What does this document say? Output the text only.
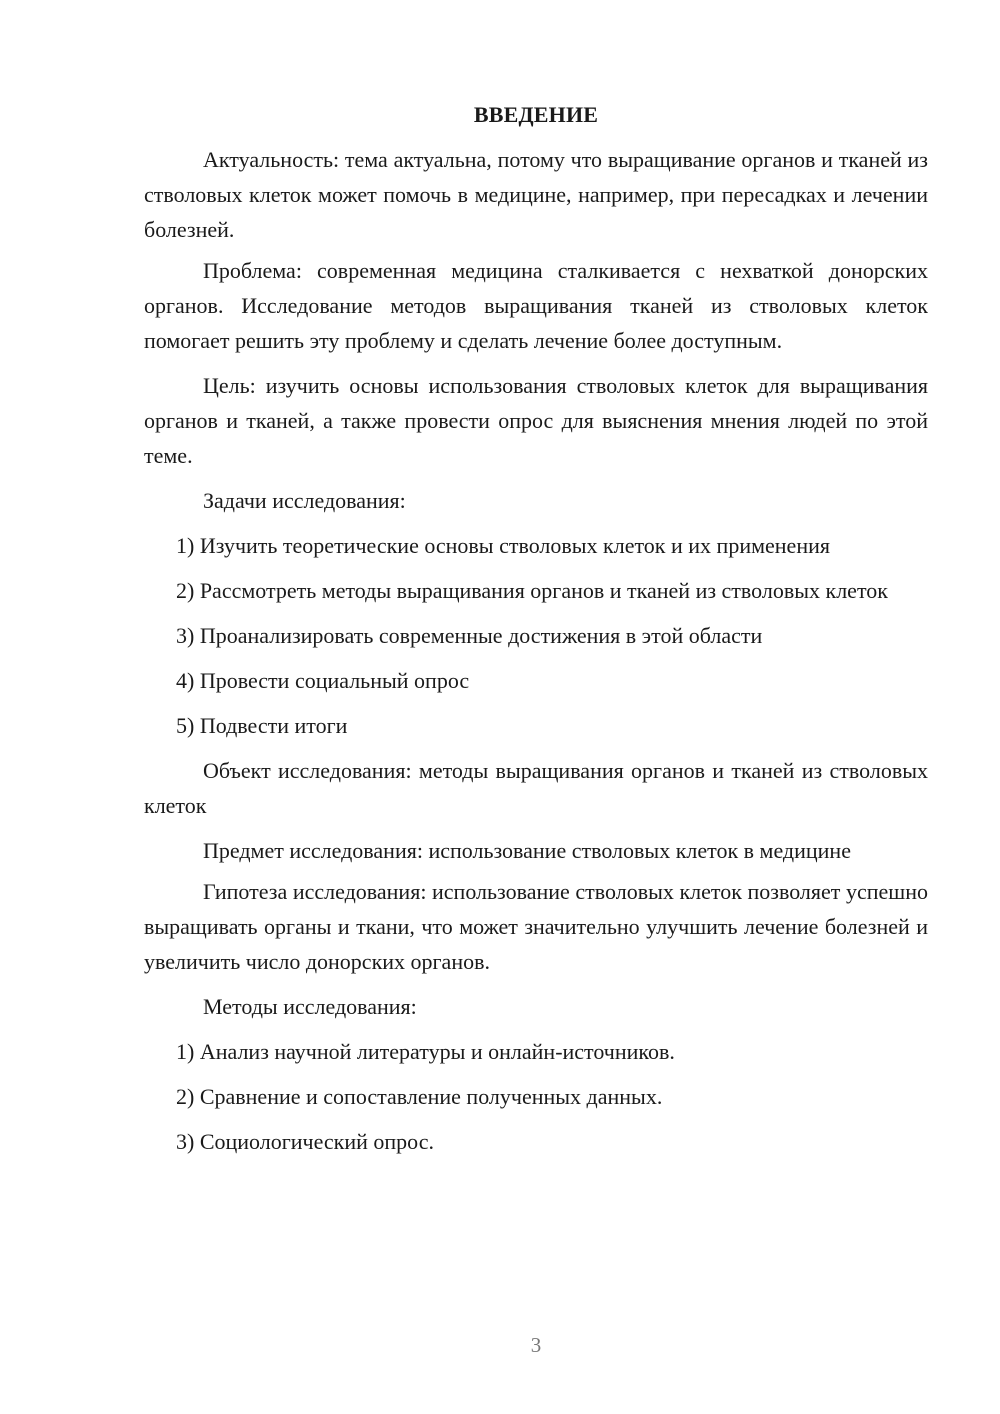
ВВЕДЕНИЕ

Актуальность: тема актуальна, потому что выращивание органов и тканей из стволовых клеток может помочь в медицине, например, при пересадках и лечении болезней.

Проблема: современная медицина сталкивается с нехваткой донорских органов. Исследование методов выращивания тканей из стволовых клеток помогает решить эту проблему и сделать лечение более доступным.

Цель: изучить основы использования стволовых клеток для выращивания органов и тканей, а также провести опрос для выяснения мнения людей по этой теме.

Задачи исследования:

1) Изучить теоретические основы стволовых клеток и их применения

2) Рассмотреть методы выращивания органов и тканей из стволовых клеток

3) Проанализировать современные достижения в этой области

4) Провести социальный опрос

5) Подвести итоги

Объект исследования: методы выращивания органов и тканей из стволовых клеток

Предмет исследования: использование стволовых клеток в медицине

Гипотеза исследования: использование стволовых клеток позволяет успешно выращивать органы и ткани, что может значительно улучшить лечение болезней и увеличить число донорских органов.

Методы исследования:

1) Анализ научной литературы и онлайн-источников.

2) Сравнение и сопоставление полученных данных.

3) Социологический опрос.

3
